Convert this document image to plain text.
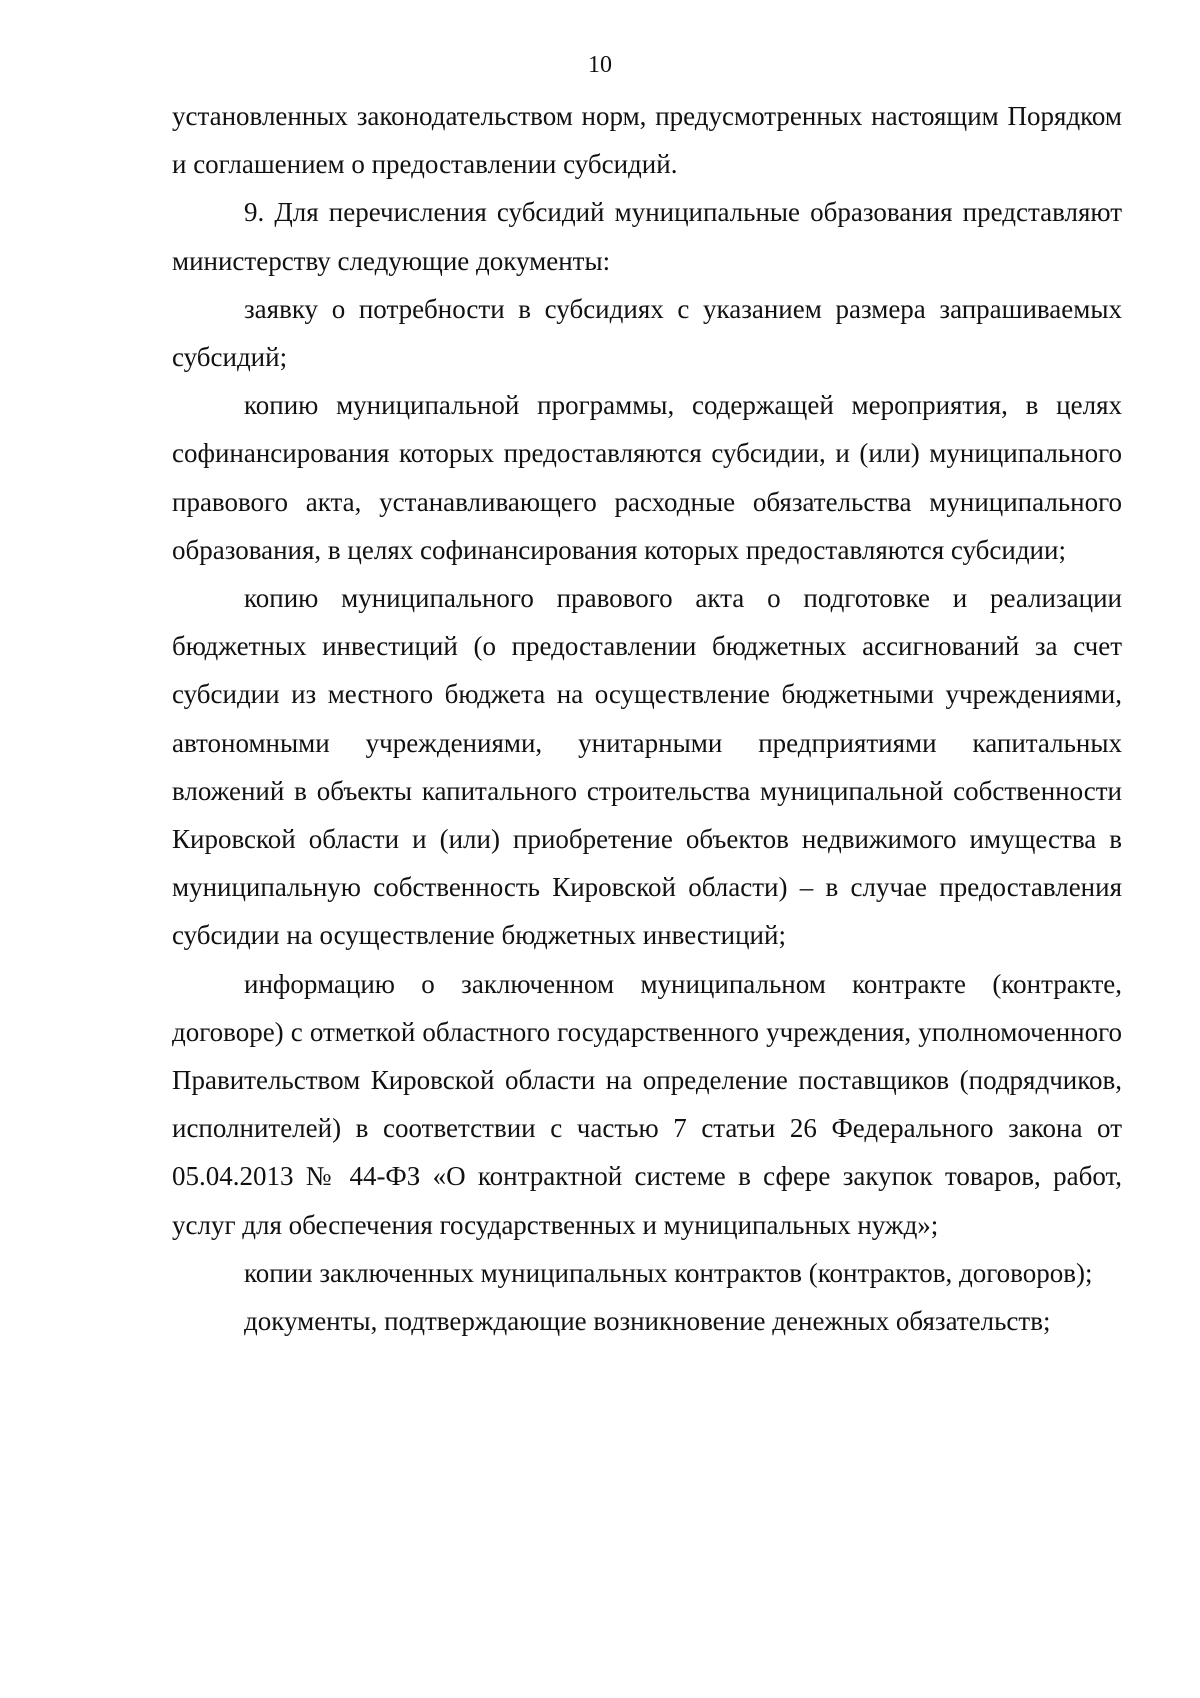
10

установленных законодательством норм, предусмотренных настоящим Порядком и соглашением о предоставлении субсидий.

9. Для перечисления субсидий муниципальные образования представляют министерству следующие документы:

заявку о потребности в субсидиях с указанием размера запрашиваемых субсидий;

копию муниципальной программы, содержащей мероприятия, в целях софинансирования которых предоставляются субсидии, и (или) муниципального правового акта, устанавливающего расходные обязательства муниципального образования, в целях софинансирования которых предоставляются субсидии;

копию муниципального правового акта о подготовке и реализации бюджетных инвестиций (о предоставлении бюджетных ассигнований за счет субсидии из местного бюджета на осуществление бюджетными учреждениями, автономными учреждениями, унитарными предприятиями капитальных вложений в объекты капитального строительства муниципальной собственности Кировской области и (или) приобретение объектов недвижимого имущества в муниципальную собственность Кировской области) – в случае предоставления субсидии на осуществление бюджетных инвестиций;

информацию о заключенном муниципальном контракте (контракте, договоре) с отметкой областного государственного учреждения, уполномоченного Правительством Кировской области на определение поставщиков (подрядчиков, исполнителей) в соответствии с частью 7 статьи 26 Федерального закона от 05.04.2013 № 44-ФЗ «О контрактной системе в сфере закупок товаров, работ, услуг для обеспечения государственных и муниципальных нужд»;

копии заключенных муниципальных контрактов (контрактов, договоров);

документы, подтверждающие возникновение денежных обязательств;
